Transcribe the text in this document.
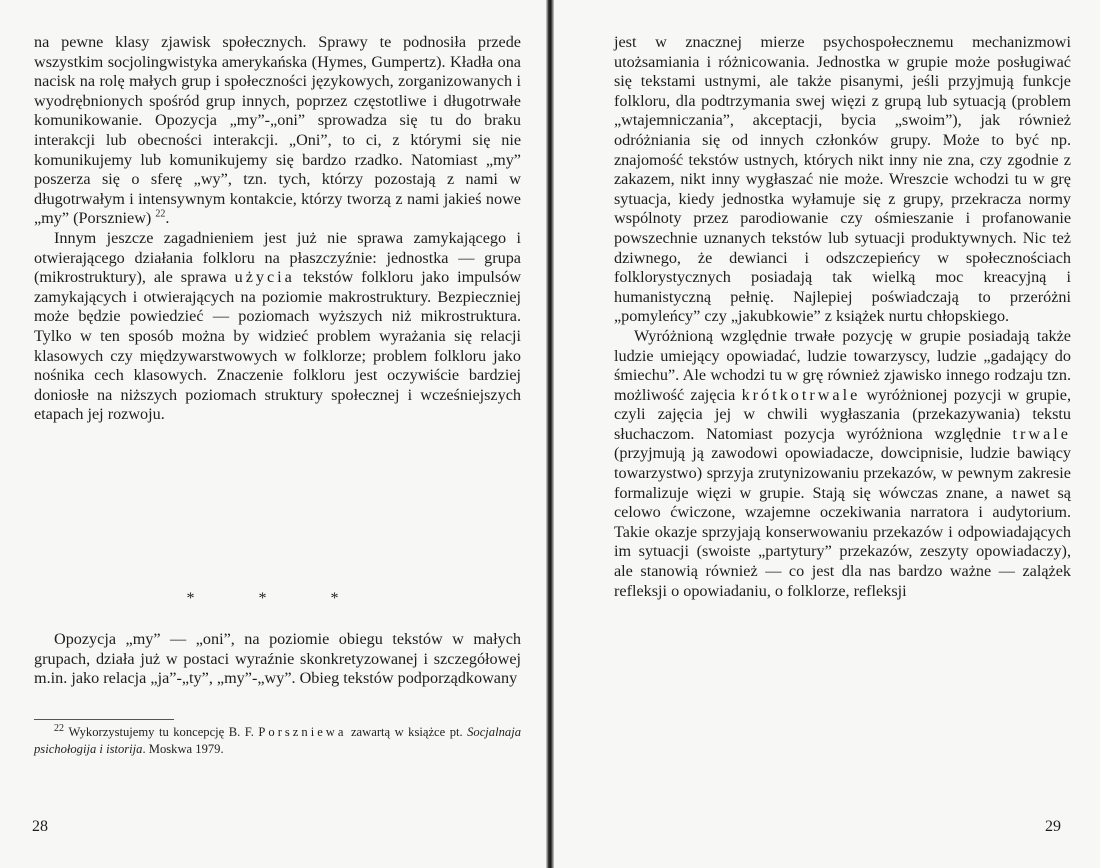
na pewne klasy zjawisk społecznych. Sprawy te podnosiła przede wszystkim socjolingwistyka amerykańska (Hymes, Gumpertz). Kładła ona nacisk na rolę małych grup i społeczności językowych, zorganizowanych i wyodrębnionych spośród grup innych, poprzez częstotliwe i długotrwałe komunikowanie. Opozycja „my”-„oni” sprowadza się tu do braku interakcji lub obecności interakcji. „Oni”, to ci, z którymi się nie komunikujemy lub komunikujemy się bardzo rzadko. Natomiast „my” poszerza się o sferę „wy”, tzn. tych, którzy pozostają z nami w długotrwałym i intensywnym kontakcie, którzy tworzą z nami jakieś nowe „my” (Porszniew) $^{22}$.

Innym jeszcze zagadnieniem jest już nie sprawa zamykającego i otwierającego działania folkloru na płaszczyźnie: jednostka — grupa (mikrostruktury), ale sprawa użycia tekstów folkloru jako impulsów zamykających i otwierających na poziomie makrostruktury. Bezpieczniej może będzie powiedzieć — poziomach wyższych niż mikrostruktura. Tylko w ten sposób można by widzieć problem wyrażania się relacji klasowych czy międzywarstwowych w folklorze; problem folkloru jako nośnika cech klasowych. Znaczenie folkloru jest oczywiście bardziej doniosłe na niższych poziomach struktury społecznej i wcześniejszych etapach jej rozwoju.

* * *

Opozycja „my” — „oni”, na poziomie obiegu tekstów w małych grupach, działa już w postaci wyraźnie skonkretyzowanej i szczegółowej m.in. jako relacja „ja”-„ty”, „my”-„wy”. Obieg tekstów podporządkowany

$^{22}$ Wykorzystujemy tu koncepcję B. F. Porszniewa zawartą w książce pt. Socjalnaja psichołogija i istorija. Moskwa 1979.

28

jest w znacznej mierze psychospołecznemu mechanizmowi utożsamiania i różnicowania. Jednostka w grupie może posługiwać się tekstami ustnymi, ale także pisanymi, jeśli przyjmują funkcje folkloru, dla podtrzymania swej więzi z grupą lub sytuacją (problem „wtajemniczania”, akceptacji, bycia „swoim”), jak również odróżniania się od innych członków grupy. Może to być np. znajomość tekstów ustnych, których nikt inny nie zna, czy zgodnie z zakazem, nikt inny wygłaszać nie może. Wreszcie wchodzi tu w grę sytuacja, kiedy jednostka wyłamuje się z grupy, przekracza normy wspólnoty przez parodiowanie czy ośmieszanie i profanowanie powszechnie uznanych tekstów lub sytuacji produktywnych. Nic też dziwnego, że dewianci i odszczepieńcy w społecznościach folklorystycznych posiadają tak wielką moc kreacyjną i humanistyczną pełnię. Najlepiej poświadczają to przeróżni „pomyleńcy” czy „jakubkowie” z książek nurtu chłopskiego.

Wyróżnioną względnie trwałe pozycję w grupie posiadają także ludzie umiejący opowiadać, ludzie towarzyscy, ludzie „gadający do śmiechu”. Ale wchodzi tu w grę również zjawisko innego rodzaju tzn. możliwość zajęcia krótkotrwale wyróżnionej pozycji w grupie, czyli zajęcia jej w chwili wygłaszania (przekazywania) tekstu słuchaczom. Natomiast pozycja wyróżniona względnie trwale (przyjmują ją zawodowi opowiadacze, dowcipnisie, ludzie bawiący towarzystwo) sprzyja zrutynizowaniu przekazów, w pewnym zakresie formalizuje więzi w grupie. Stają się wówczas znane, a nawet są celowo ćwiczone, wzajemne oczekiwania narratora i audytorium. Takie okazje sprzyjają konserwowaniu przekazów i odpowiadających im sytuacji (swoiste „partytury” przekazów, zeszyty opowiadaczy), ale stanowią również — co jest dla nas bardzo ważne — zalążek refleksji o opowiadaniu, o folklorze, refleksji

29
